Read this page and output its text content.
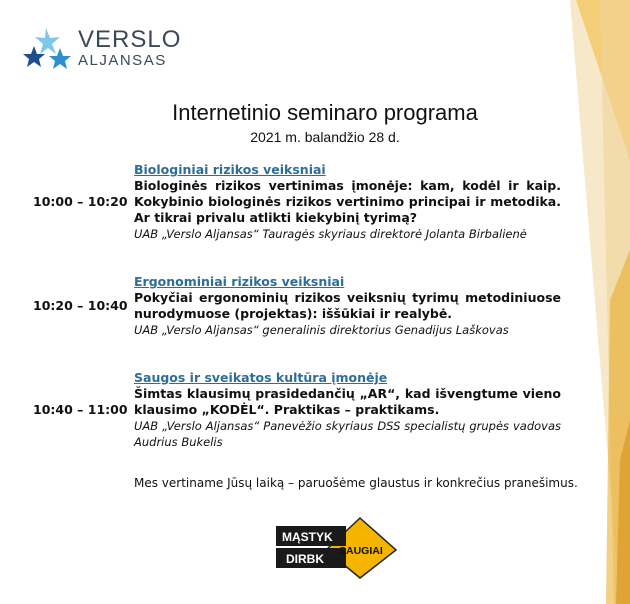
VERSLO
ALJANSAS
Internetinio seminaro programa
2021 m. balandžio 28 d.
10:00 – 10:20
Biologiniai rizikos veiksniai
Biologinės rizikos vertinimas įmonėje: kam, kodėl ir kaip. Kokybinio biologinės rizikos vertinimo principai ir metodika. Ar tikrai privalu atlikti kiekybinį tyrimą?
UAB „Verslo Aljansas“ Tauragės skyriaus direktorė Jolanta Birbalienė
10:20 – 10:40
Ergonominiai rizikos veiksniai
Pokyčiai ergonominių rizikos veiksnių tyrimų metodiniuose nurodymuose (projektas): iššūkiai ir realybė.
UAB „Verslo Aljansas“ generalinis direktorius Genadijus Laškovas
10:40 – 11:00
Saugos ir sveikatos kultūra įmonėje
Šimtas klausimų prasidedančių „AR“, kad išvengtume vieno klausimo „KODĖL“. Praktikas – praktikams.
UAB „Verslo Aljansas“ Panevėžio skyriaus DSS specialistų grupės vadovas Audrius Bukelis
Mes vertiname Jūsų laiką – paruošėme glaustus ir konkrečius pranešimus.
MĄSTYK
DIRBK
SAUGIAI
